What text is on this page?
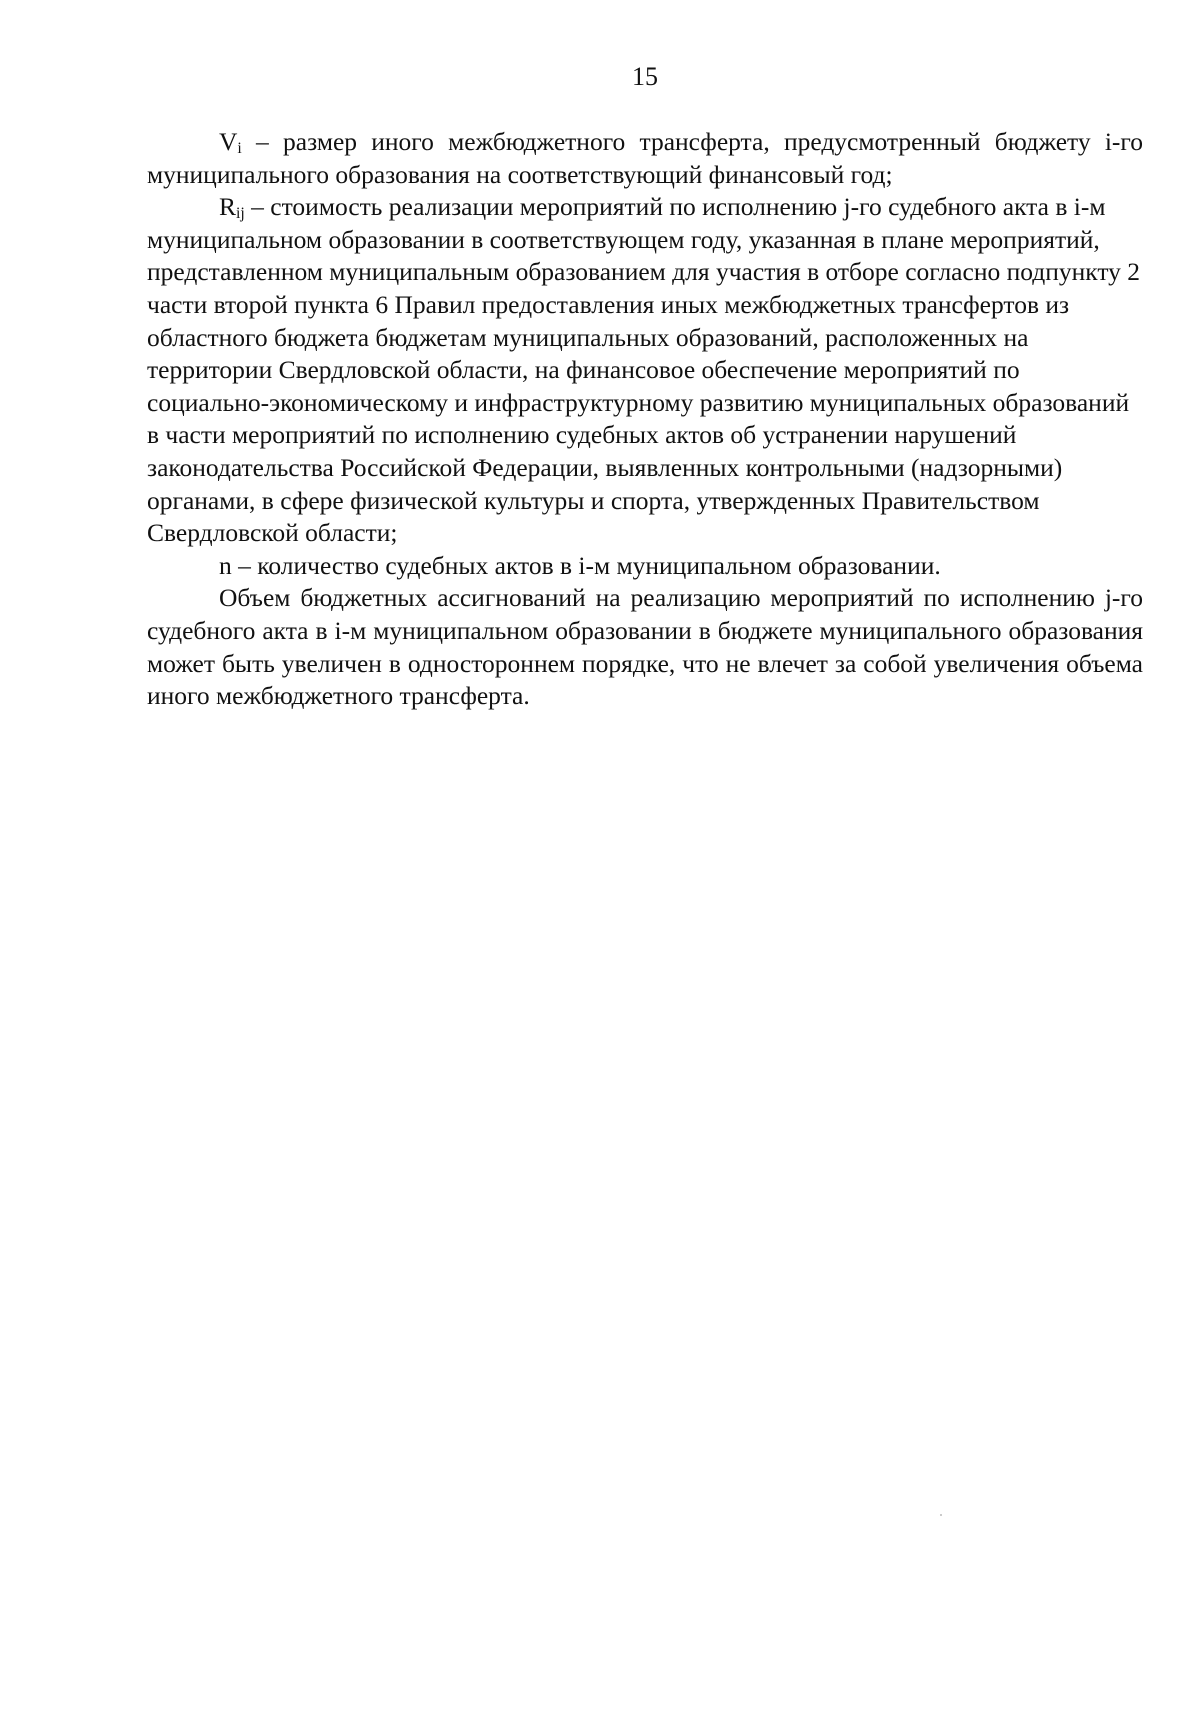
15

Vi – размер иного межбюджетного трансферта, предусмотренный бюджету i-го муниципального образования на соответствующий финансовый год;

Rij – стоимость реализации мероприятий по исполнению j-го судебного акта в i-м муниципальном образовании в соответствующем году, указанная в плане мероприятий, представленном муниципальным образованием для участия в отборе согласно подпункту 2 части второй пункта 6 Правил предоставления иных межбюджетных трансфертов из областного бюджета бюджетам муниципальных образований, расположенных на территории Свердловской области, на финансовое обеспечение мероприятий по социально-экономическому и инфраструктурному развитию муниципальных образований в части мероприятий по исполнению судебных актов об устранении нарушений законодательства Российской Федерации, выявленных контрольными (надзорными) органами, в сфере физической культуры и спорта, утвержденных Правительством Свердловской области;

n – количество судебных актов в i-м муниципальном образовании.

Объем бюджетных ассигнований на реализацию мероприятий по исполнению j-го судебного акта в i-м муниципальном образовании в бюджете муниципального образования может быть увеличен в одностороннем порядке, что не влечет за собой увеличения объема иного межбюджетного трансферта.
